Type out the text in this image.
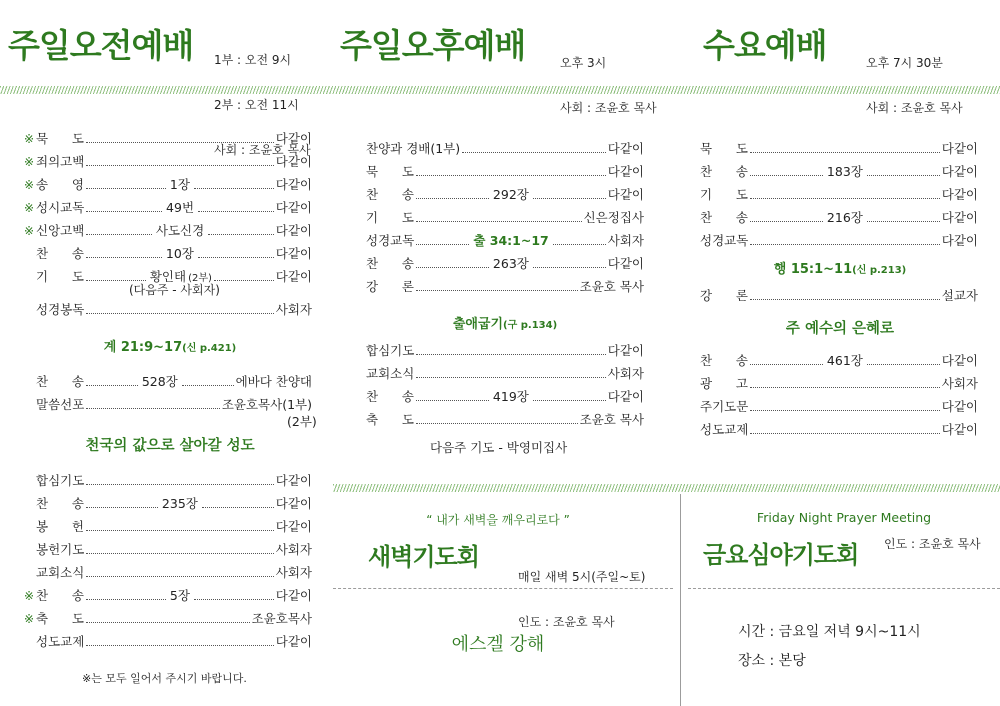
주일오전예배

1부 : 오전 9시

2부 : 오전 11시

사회 : 조윤호 목사

주일오후예배

	오후 3시

사회 : 조윤호 목사

수요예배

	오후 7시 30분

사회 : 조윤호 목사

※ 묵      도	다같이
※ 죄의고백	다같이
※ 송      영	1장	다같이
※ 성시교독	49번	다같이
※ 신앙고백	사도신경	다같이
찬      송	10장	다같이
기      도	황인태 (2부)	다같이
(다음주 - 사회자)
성경봉독	사회자
계 21:9~17(신 p.421)
찬      송	528장	에바다 찬양대
말씀선포	조윤호목사(1부)
(2부)
천국의 값으로 살아갈 성도
합심기도	다같이
찬      송	235장	다같이
봉      헌	다같이
봉헌기도	사회자
교회소식	사회자
※ 찬      송	5장	다같이
※ 축      도	조윤호목사
성도교제	다같이
※는 모두 일어서 주시기 바랍니다.
찬양과 경배(1부)	다같이
묵      도	다같이
찬      송	292장	다같이
기      도	신은정집사
성경교독	출 34:1~17	사회자
찬      송	263장	다같이
강      론	조윤호 목사
출애굽기(구 p.134)
합심기도	다같이
교회소식	사회자
찬      송	419장	다같이
축      도	조윤호 목사
다음주 기도 - 박영미집사
묵      도	다같이
찬      송	183장	다같이
기      도	다같이
찬      송	216장	다같이
성경교독	다같이
행 15:1~11(신 p.213)
강      론	설교자
주 예수의 은혜로
찬      송	461장	다같이
광      고	사회자
주기도문	다같이
성도교제	다같이
“ 내가 새벽을 깨우리로다 ”
새벽기도회

매일 새벽 5시(주일~토)

인도 : 조윤호 목사

에스겔 강해
Friday Night Prayer Meeting
금요심야기도회 인도 : 조윤호 목사
시간 : 금요일 저녁 9시~11시
장소 : 본당
